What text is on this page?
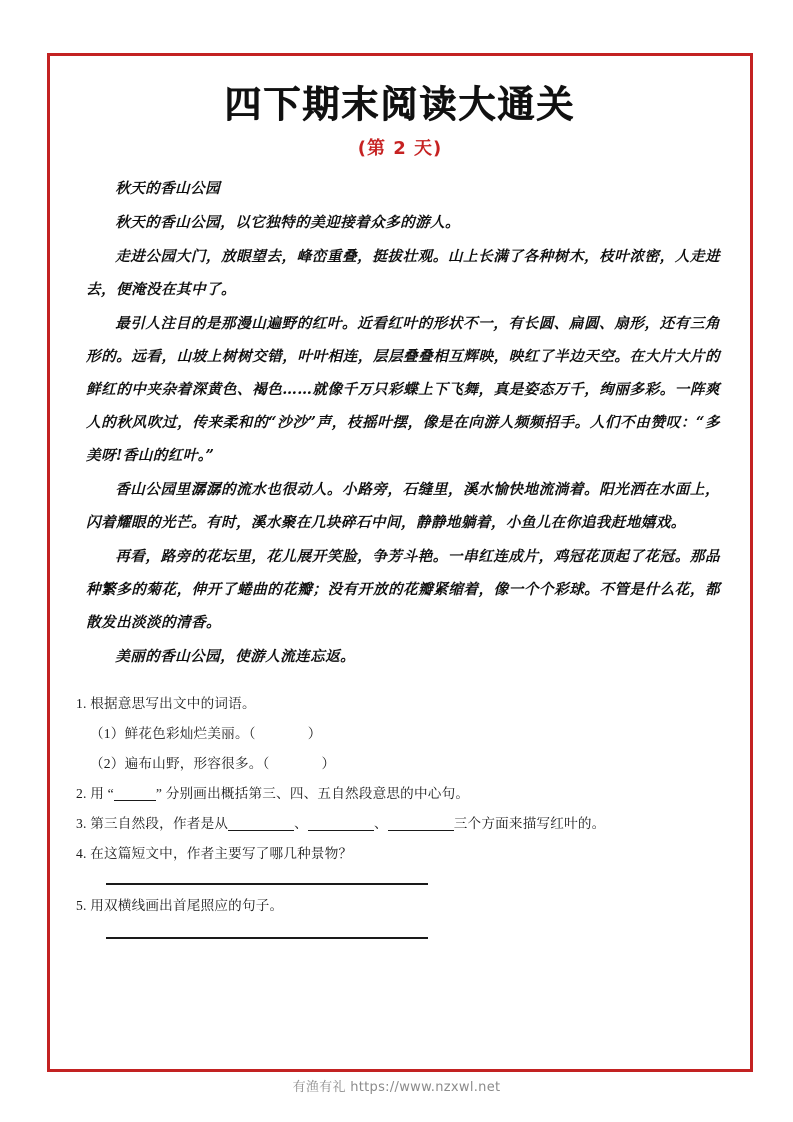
四下期末阅读大通关
(第 2 天)

秋天的香山公园

秋天的香山公园，以它独特的美迎接着众多的游人。

走进公园大门，放眼望去，峰峦重叠，挺拔壮观。山上长满了各种树木，枝叶浓密，人走进去，便淹没在其中了。

最引人注目的是那漫山遍野的红叶。近看红叶的形状不一，有长圆、扁圆、扇形，还有三角形的。远看，山坡上树树交错，叶叶相连，层层叠叠相互辉映，映红了半边天空。在大片大片的鲜红的中夹杂着深黄色、褐色……就像千万只彩蝶上下飞舞，真是姿态万千，绚丽多彩。一阵爽人的秋风吹过，传来柔和的“沙沙”声，枝摇叶摆，像是在向游人频频招手。人们不由赞叹：“多美呀!香山的红叶。”

香山公园里潺潺的流水也很动人。小路旁，石缝里，溪水愉快地流淌着。阳光洒在水面上，闪着耀眼的光芒。有时，溪水聚在几块碎石中间，静静地躺着，小鱼儿在你追我赶地嬉戏。

再看，路旁的花坛里，花儿展开笑脸，争芳斗艳。一串红连成片，鸡冠花顶起了花冠。那品种繁多的菊花，伸开了蜷曲的花瓣；没有开放的花瓣紧缩着，像一个个彩球。不管是什么花，都散发出淡淡的清香。

美丽的香山公园，使游人流连忘返。

1. 根据意思写出文中的词语。

（1）鲜花色彩灿烂美丽。（	）

（2）遍布山野，形容很多。（	）

2. 用 “	” 分别画出概括第三、四、五自然段意思的中心句。

3. 第三自然段，作者是从	、	、	三个方面来描写红叶的。

4. 在这篇短文中，作者主要写了哪几种景物？

5. 用双横线画出首尾照应的句子。

有渔有礼 https://www.nzxwl.net
